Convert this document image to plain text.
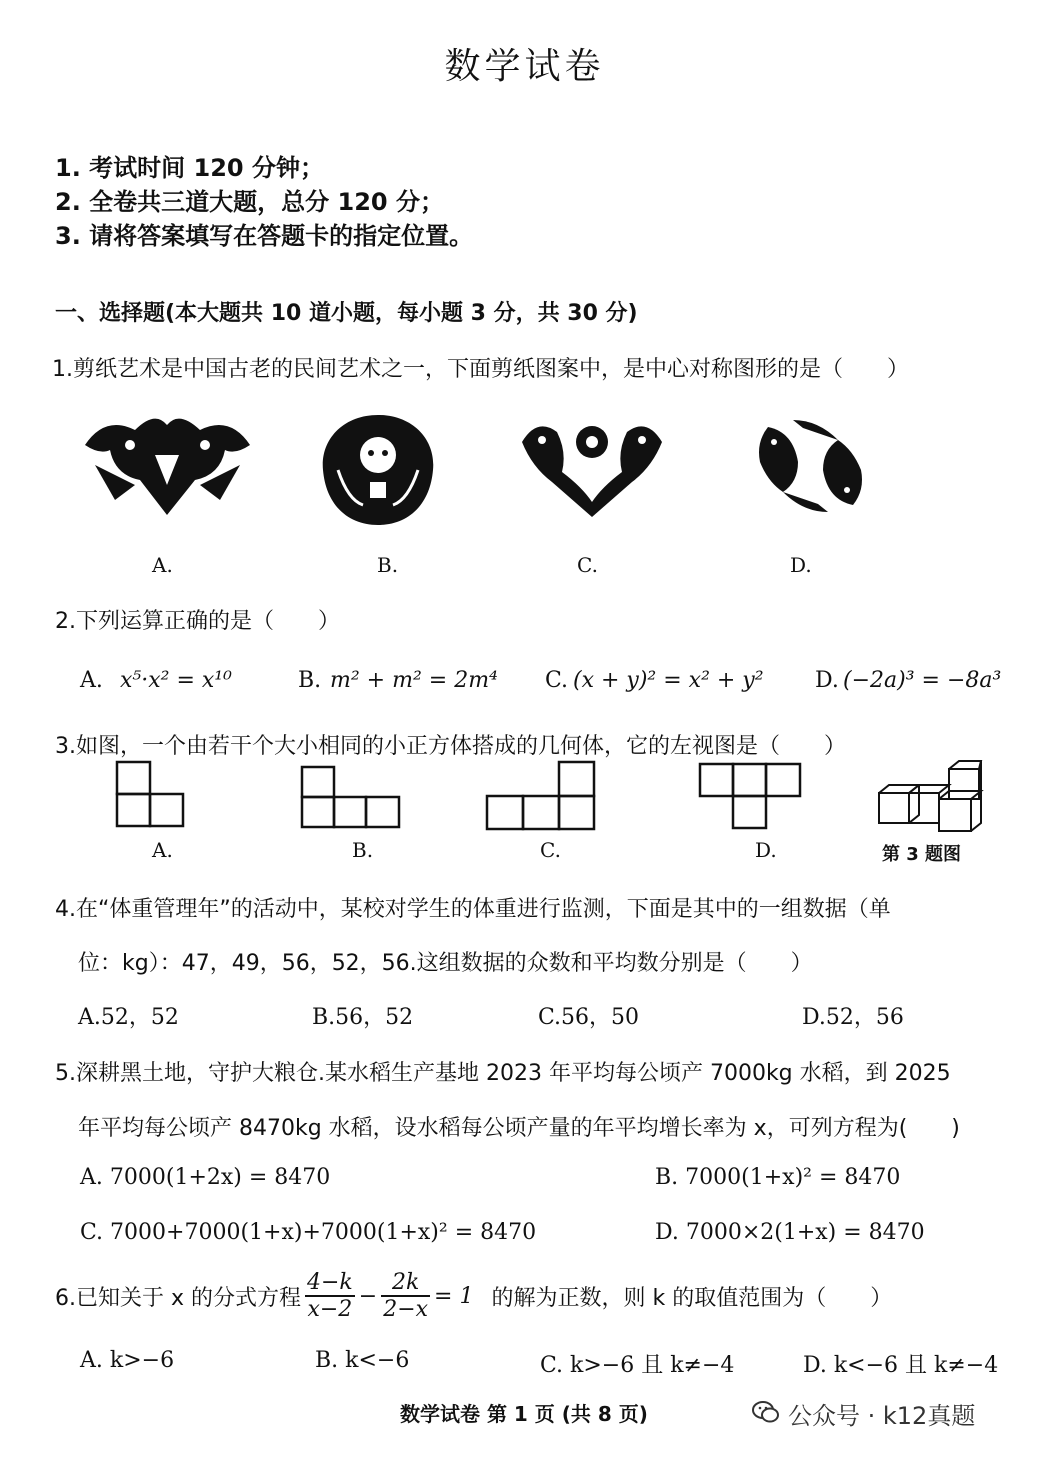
数学试卷
1. 考试时间 120 分钟；
2. 全卷共三道大题，总分 120 分；
3. 请将答案填写在答题卡的指定位置。
一、选择题(本大题共 10 道小题，每小题 3 分，共 30 分)
1.剪纸艺术是中国古老的民间艺术之一，下面剪纸图案中，是中心对称图形的是（　　）
A.	B.	C.	D.
2.下列运算正确的是（　　）
A. x⁵·x² = x¹⁰	B. m² + m² = 2m⁴ C. (x + y)² = x² + y² D. (−2a)³ = −8a³
3.如图，一个由若干个大小相同的小正方体搭成的几何体，它的左视图是（　　）
A.	B.	C.	D.	第 3 题图
4.在“体重管理年”的活动中，某校对学生的体重进行监测，下面是其中的一组数据（单
位：kg）：47，49，56，52，56.这组数据的众数和平均数分别是（　　）
A.52，52	B.56，52	C.56，50	D.52，56
5.深耕黑土地，守护大粮仓.某水稻生产基地 2023 年平均每公顷产 7000kg 水稻，到 2025
年平均每公顷产 8470kg 水稻，设水稻每公顷产量的年平均增长率为 x，可列方程为(　　)
A. 7000(1+2x) = 8470	B. 7000(1+x)² = 8470
C. 7000+7000(1+x)+7000(1+x)² = 8470	D. 7000×2(1+x) = 8470
6.已知关于 x 的分式方程 $\frac{4-k}{x-2} - \frac{2k}{2-x} = 1$ 的解为正数，则 k 的取值范围为（　　）
A. k>−6	B. k<−6	C. k>−6 且 k≠−4	D. k<−6 且 k≠−4
数学试卷 第 1 页 (共 8 页)	公众号 · k12真题
